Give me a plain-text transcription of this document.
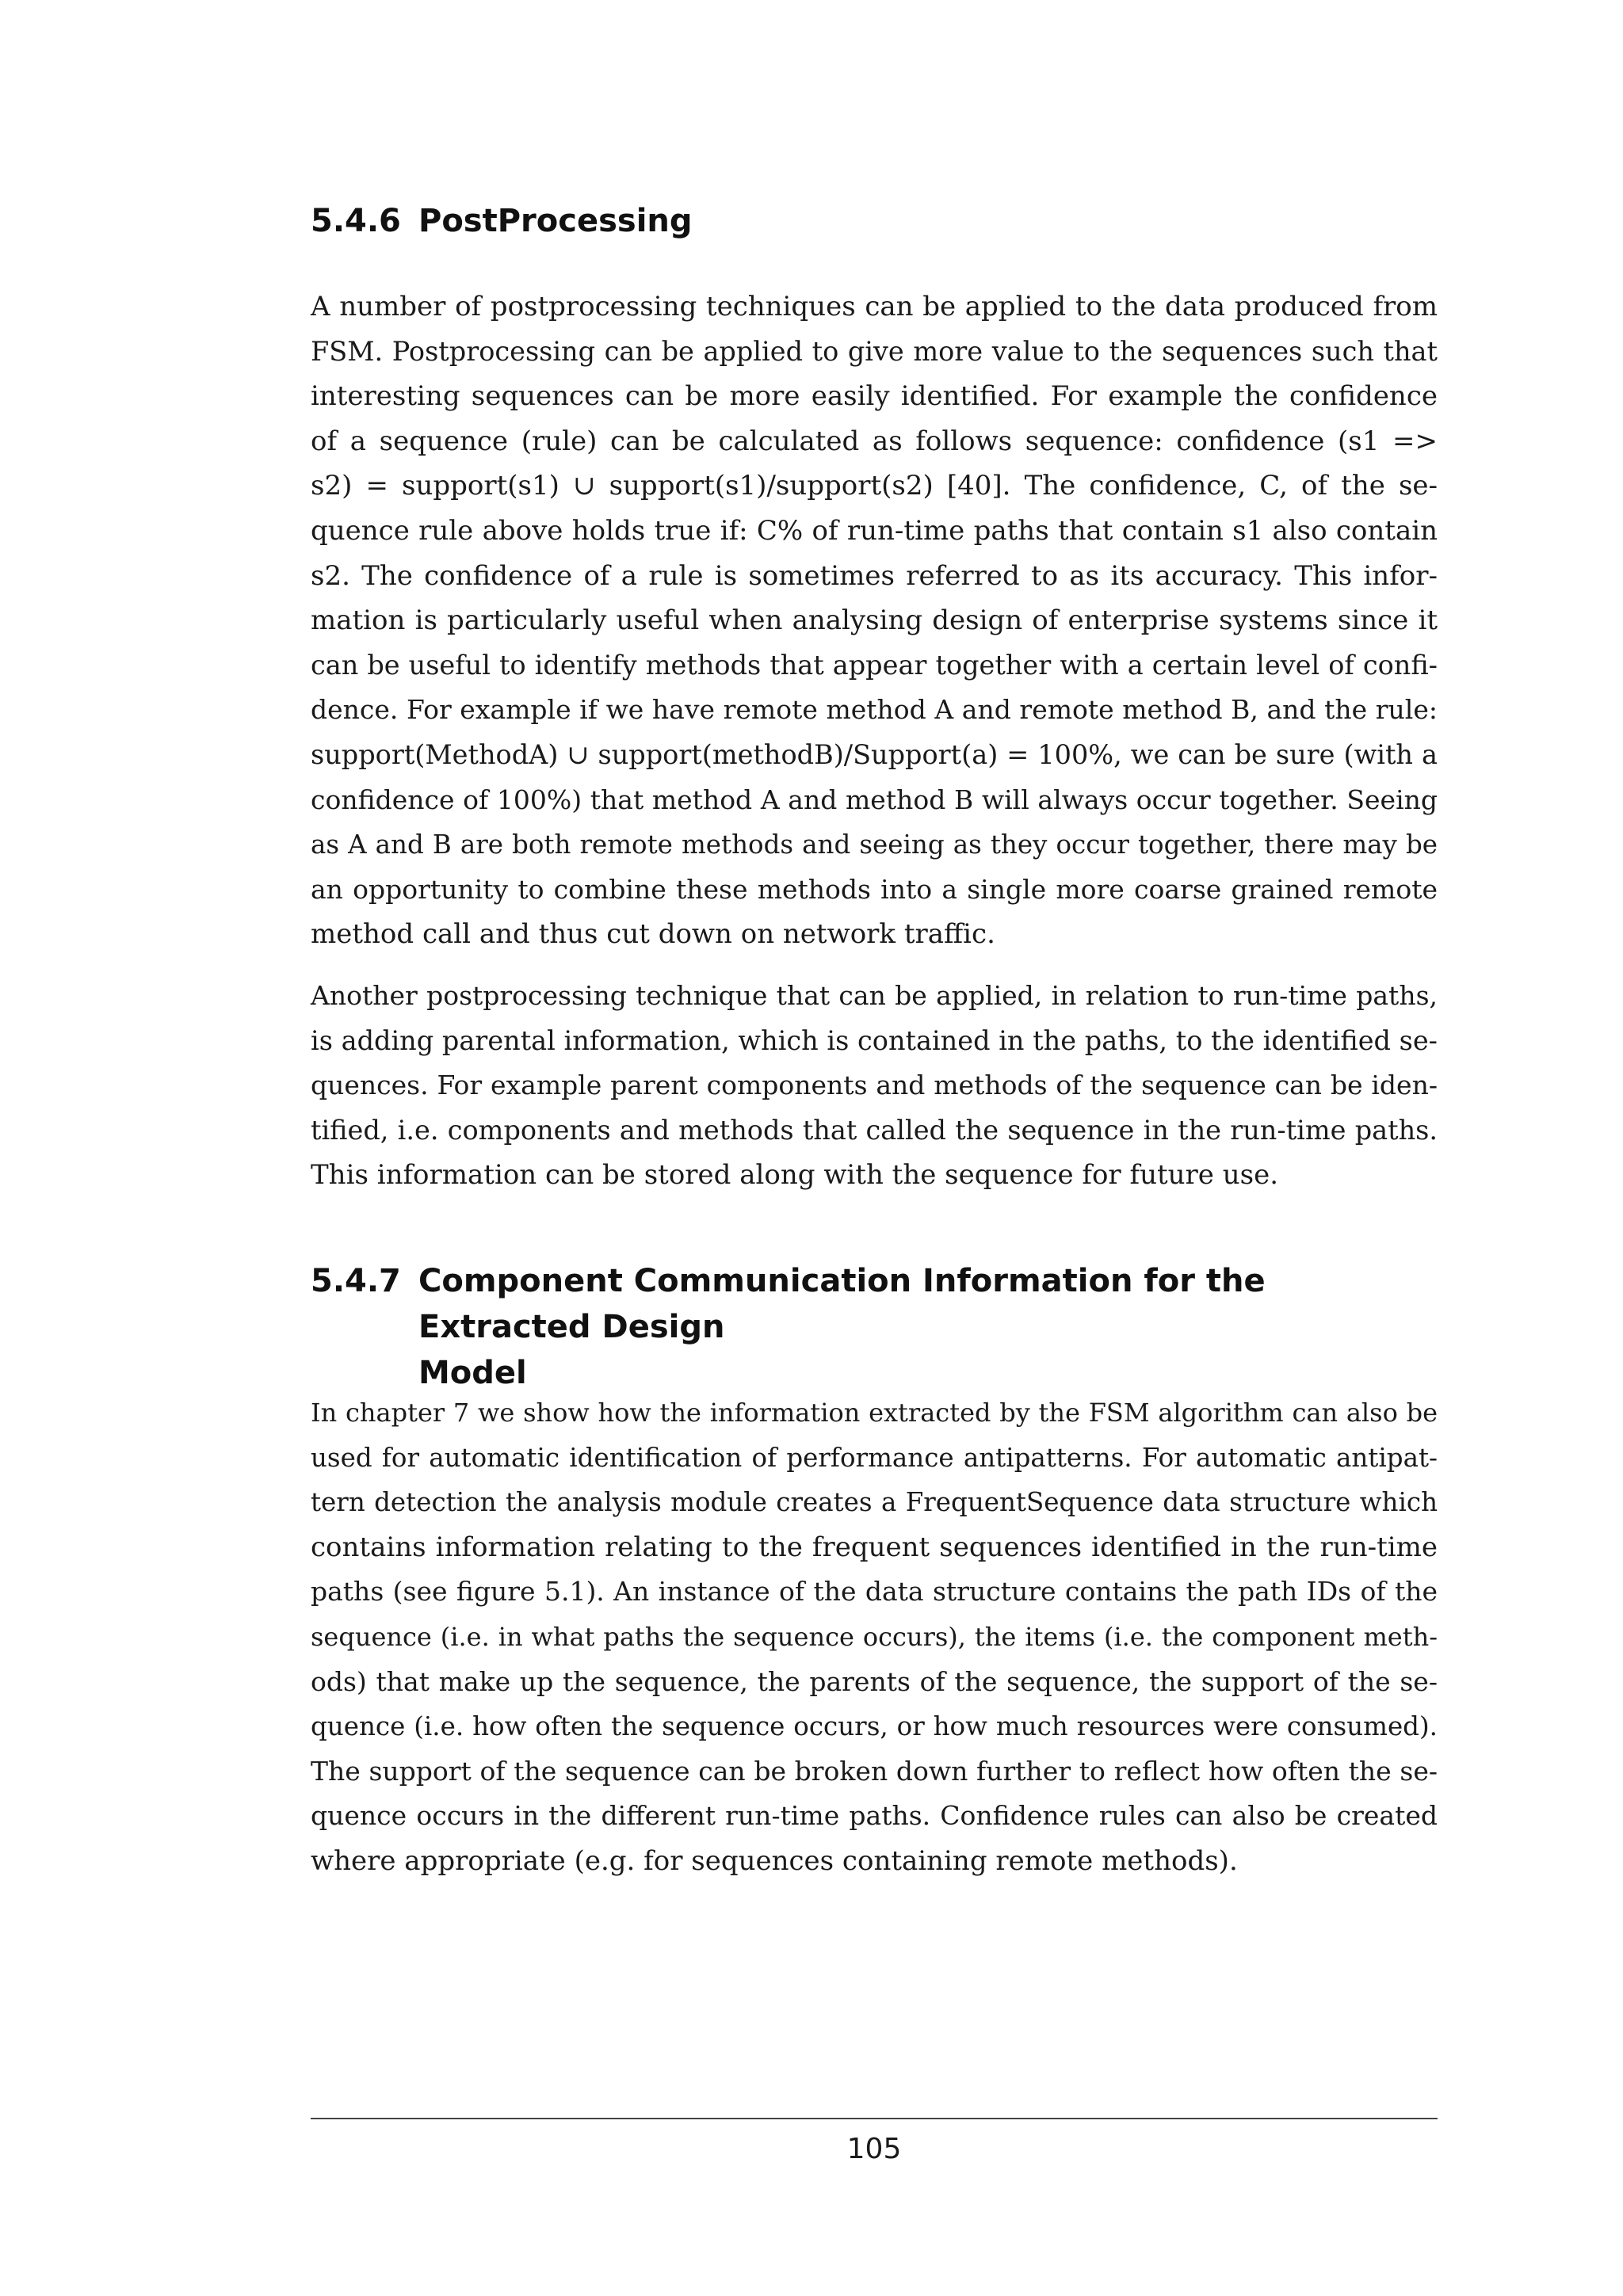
5.4.6 PostProcessing
A number of postprocessing techniques can be applied to the data produced from
FSM. Postprocessing can be applied to give more value to the sequences such that
interesting sequences can be more easily identified. For example the confidence
of a sequence (rule) can be calculated as follows sequence: confidence (s1 =>
s2) = support(s1) ∪ support(s1)/support(s2) [40]. The confidence, C, of the se-
quence rule above holds true if: C% of run-time paths that contain s1 also contain
s2. The confidence of a rule is sometimes referred to as its accuracy. This infor-
mation is particularly useful when analysing design of enterprise systems since it
can be useful to identify methods that appear together with a certain level of confi-
dence. For example if we have remote method A and remote method B, and the rule:
support(MethodA) ∪ support(methodB)/Support(a) = 100%, we can be sure (with a
confidence of 100%) that method A and method B will always occur together. Seeing
as A and B are both remote methods and seeing as they occur together, there may be
an opportunity to combine these methods into a single more coarse grained remote
method call and thus cut down on network traffic.
Another postprocessing technique that can be applied, in relation to run-time paths,
is adding parental information, which is contained in the paths, to the identified se-
quences. For example parent components and methods of the sequence can be iden-
tified, i.e. components and methods that called the sequence in the run-time paths.
This information can be stored along with the sequence for future use.
5.4.7 Component Communication Information for the Extracted Design
Model
In chapter 7 we show how the information extracted by the FSM algorithm can also be
used for automatic identification of performance antipatterns. For automatic antipat-
tern detection the analysis module creates a FrequentSequence data structure which
contains information relating to the frequent sequences identified in the run-time
paths (see figure 5.1). An instance of the data structure contains the path IDs of the
sequence (i.e. in what paths the sequence occurs), the items (i.e. the component meth-
ods) that make up the sequence, the parents of the sequence, the support of the se-
quence (i.e. how often the sequence occurs, or how much resources were consumed).
The support of the sequence can be broken down further to reflect how often the se-
quence occurs in the different run-time paths. Confidence rules can also be created
where appropriate (e.g. for sequences containing remote methods).
105
